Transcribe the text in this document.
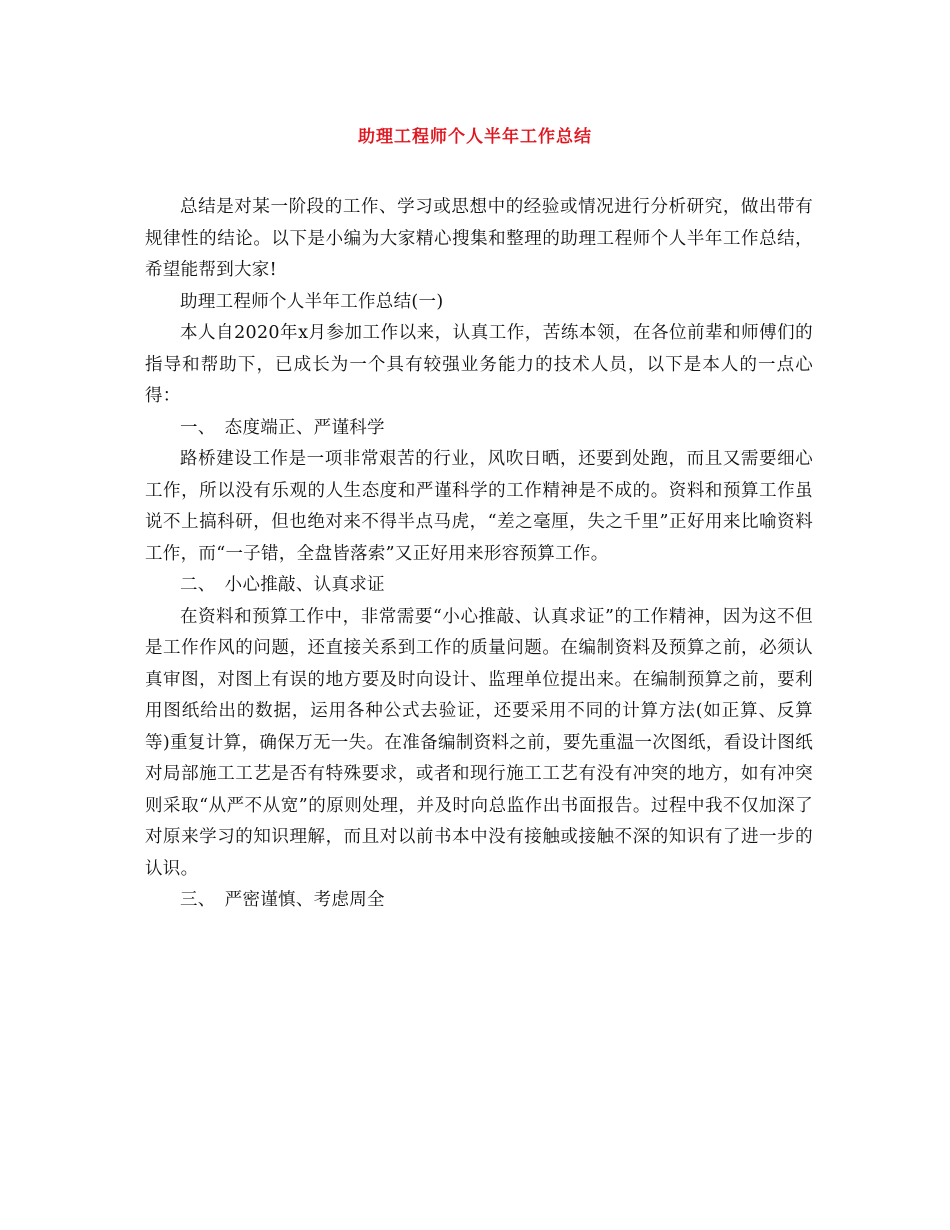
助理工程师个人半年工作总结

总结是对某一阶段的工作、学习或思想中的经验或情况进行分析研究，做出带有规律性的结论。以下是小编为大家精心搜集和整理的助理工程师个人半年工作总结，希望能帮到大家!

助理工程师个人半年工作总结(一)

本人自2020年x月参加工作以来，认真工作，苦练本领，在各位前辈和师傅们的指导和帮助下，已成长为一个具有较强业务能力的技术人员，以下是本人的一点心得：

一、　态度端正、严谨科学

路桥建设工作是一项非常艰苦的行业，风吹日晒，还要到处跑，而且又需要细心工作，所以没有乐观的人生态度和严谨科学的工作精神是不成的。资料和预算工作虽说不上搞科研，但也绝对来不得半点马虎，“差之毫厘，失之千里”正好用来比喻资料工作，而“一子错，全盘皆落索”又正好用来形容预算工作。

二、　小心推敲、认真求证

在资料和预算工作中，非常需要“小心推敲、认真求证”的工作精神，因为这不但是工作作风的问题，还直接关系到工作的质量问题。在编制资料及预算之前，必须认真审图，对图上有误的地方要及时向设计、监理单位提出来。在编制预算之前，要利用图纸给出的数据，运用各种公式去验证，还要采用不同的计算方法(如正算、反算等)重复计算，确保万无一失。在准备编制资料之前，要先重温一次图纸，看设计图纸对局部施工工艺是否有特殊要求，或者和现行施工工艺有没有冲突的地方，如有冲突则采取“从严不从宽”的原则处理，并及时向总监作出书面报告。过程中我不仅加深了对原来学习的知识理解，而且对以前书本中没有接触或接触不深的知识有了进一步的认识。

三、　严密谨慎、考虑周全
